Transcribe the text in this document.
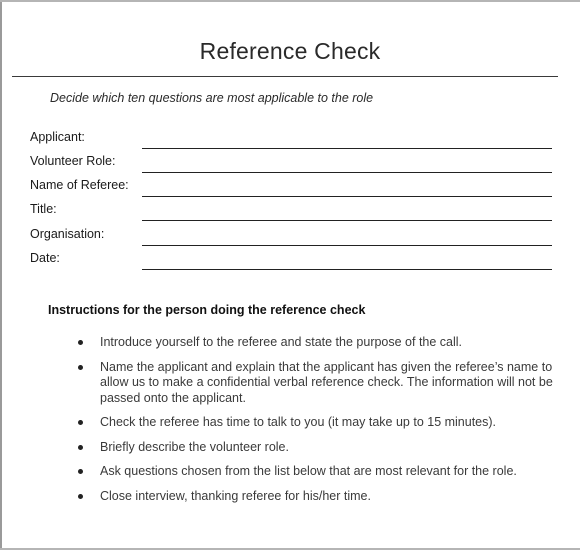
Reference Check
Decide which ten questions are most applicable to the role
Applicant:
Volunteer Role:
Name of Referee:
Title:
Organisation:
Date:
Instructions for the person doing the reference check
Introduce yourself to the referee and state the purpose of the call.
Name the applicant and explain that the applicant has given the referee’s name to allow us to make a confidential verbal reference check. The information will not be passed onto the applicant.
Check the referee has time to talk to you (it may take up to 15 minutes).
Briefly describe the volunteer role.
Ask questions chosen from the list below that are most relevant for the role.
Close interview, thanking referee for his/her time.
